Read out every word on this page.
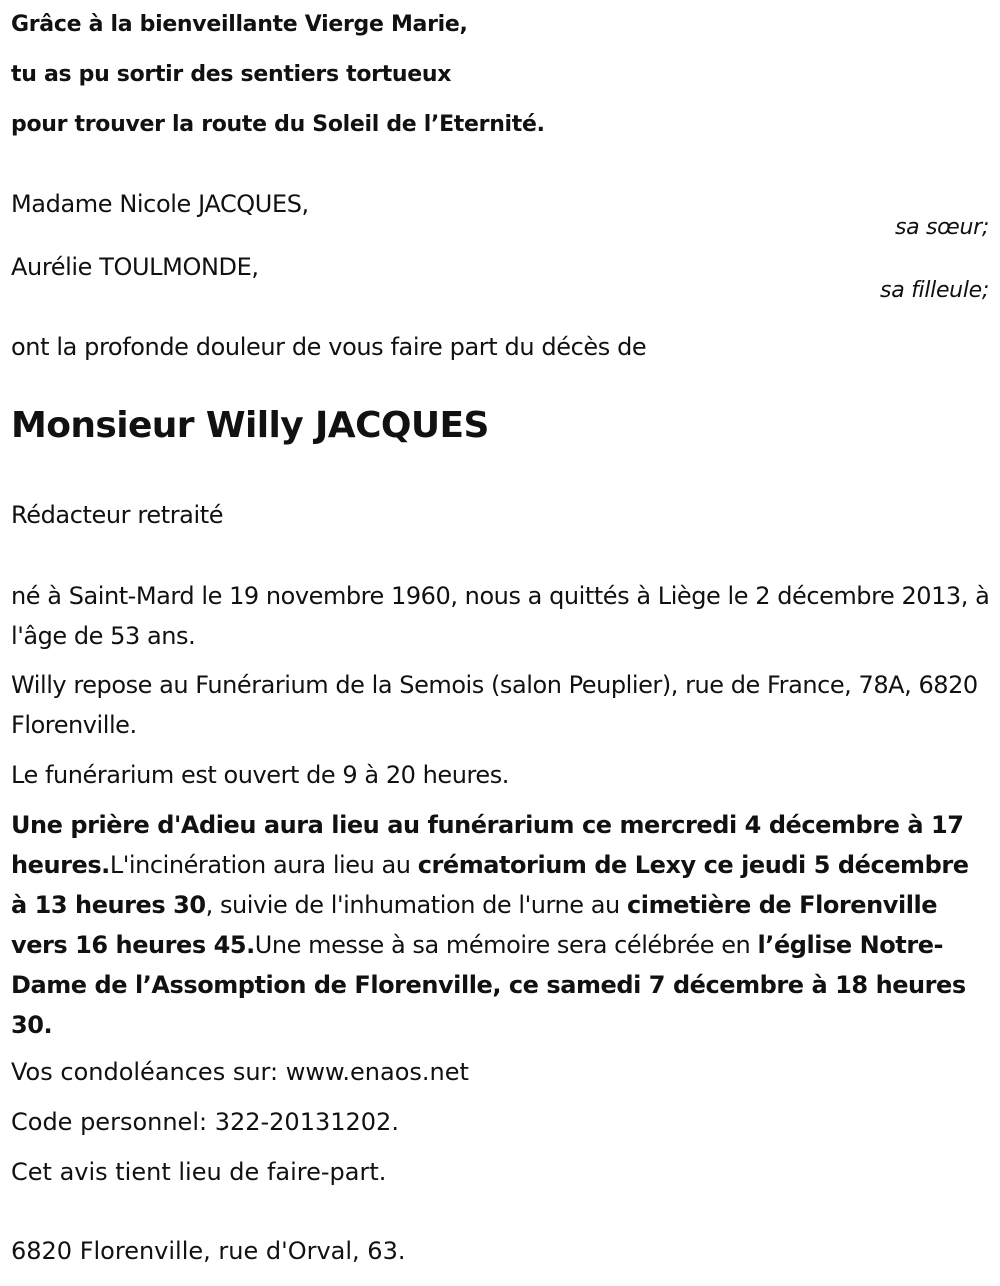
Grâce à la bienveillante Vierge Marie,
tu as pu sortir des sentiers tortueux
pour trouver la route du Soleil de l’Eternité.
Madame Nicole JACQUES,
sa sœur;
Aurélie TOULMONDE,
sa filleule;
ont la profonde douleur de vous faire part du décès de
Monsieur Willy JACQUES
Rédacteur retraité
né à Saint-Mard le 19 novembre 1960, nous a quittés à Liège le 2 décembre 2013, à l'âge de 53 ans.
Willy repose au Funérarium de la Semois (salon Peuplier), rue de France, 78A, 6820 Florenville.
Le funérarium est ouvert de 9 à 20 heures.
Une prière d'Adieu aura lieu au funérarium ce mercredi 4 décembre à 17 heures.L'incinération aura lieu au crématorium de Lexy ce jeudi 5 décembre à 13 heures 30, suivie de l'inhumation de l'urne au cimetière de Florenville vers 16 heures 45.Une messe à sa mémoire sera célébrée en l’église Notre-Dame de l’Assomption de Florenville, ce samedi 7 décembre à 18 heures 30.
Vos condoléances sur: www.enaos.net
Code personnel: 322-20131202.
Cet avis tient lieu de faire-part.
6820 Florenville, rue d'Orval, 63.
